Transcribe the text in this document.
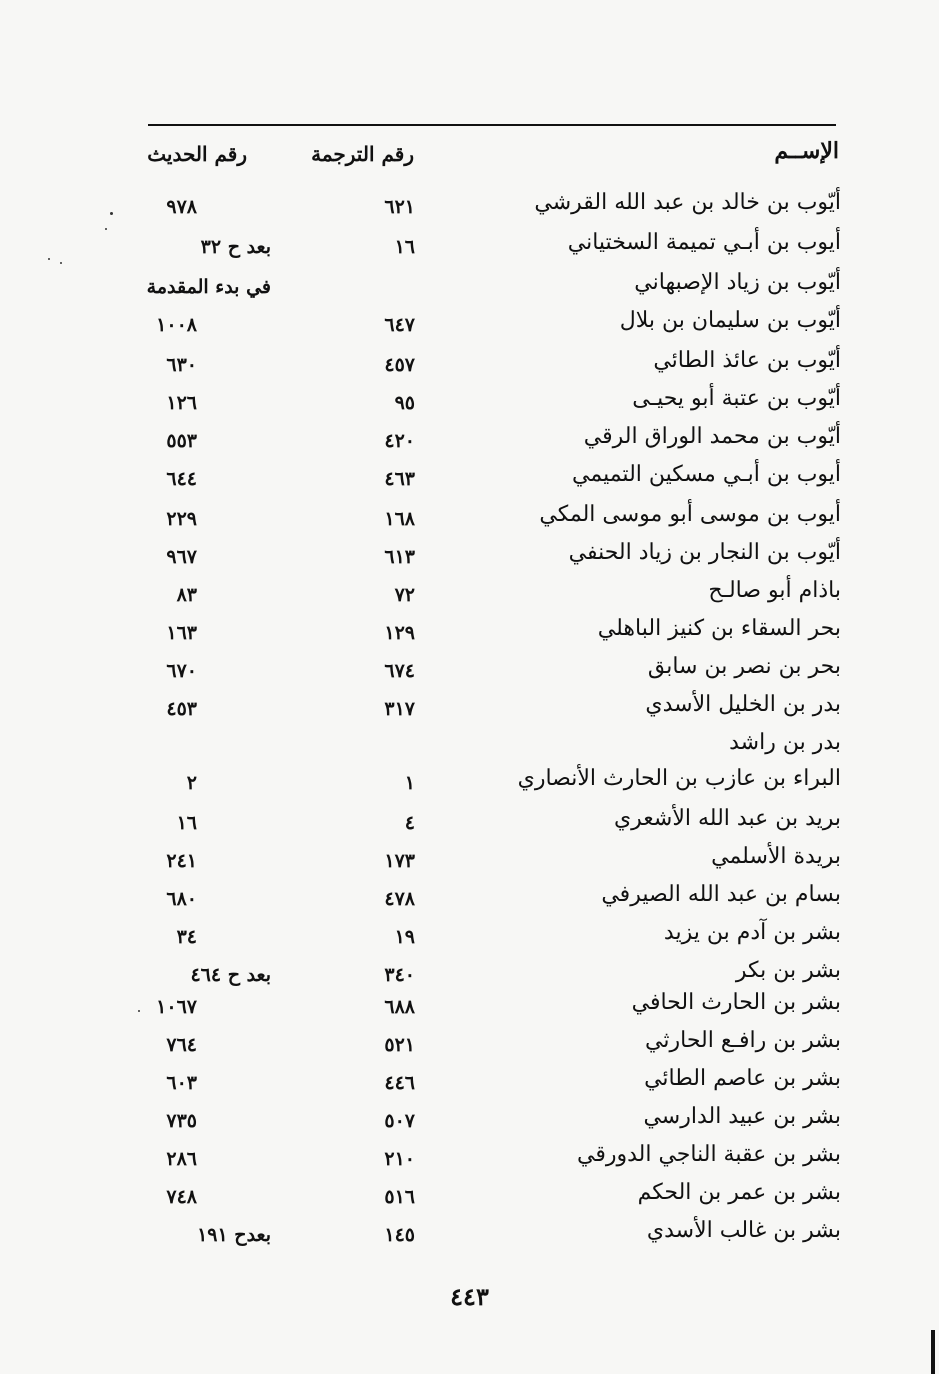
الإســم
رقم الترجمة
رقم الحديث
أيّوب بن خالد بن عبد الله القرشي
٦٢١
٩٧٨
أيوب بن أبـي تميمة السختياني
١٦
بعد ح ٣٢
أيّوب بن زياد الإصبهاني
في بدء المقدمة
أيّوب بن سليمان بن بلال
٦٤٧
١٠٠٨
أيّوب بن عائذ الطائي
٤٥٧
٦٣٠
أيّوب بن عتبة أبو يحيـى
٩٥
١٢٦
أيّوب بن محمد الوراق الرقي
٤٢٠
٥٥٣
أيوب بن أبـي مسكين التميمي
٤٦٣
٦٤٤
أيوب بن موسى أبو موسى المكي
١٦٨
٢٢٩
أيّوب بن النجار بن زياد الحنفي
٦١٣
٩٦٧
باذام أبو صالـح
٧٢
٨٣
بحر السقاء بن كنيز الباهلي
١٢٩
١٦٣
بحر بن نصر بن سابق
٦٧٤
٦٧٠
بدر بن الخليل الأسدي
٣١٧
٤٥٣
بدر بن راشد
البراء بن عازب بن الحارث الأنصاري
١
٢
بريد بن عبد الله الأشعري
٤
١٦
بريدة الأسلمي
١٧٣
٢٤١
بسام بن عبد الله الصيرفي
٤٧٨
٦٨٠
بشر بن آدم بن يزيد
١٩
٣٤
بشر بن بكر
٣٤٠
بعد ح ٤٦٤
بشر بن الحارث الحافي
٦٨٨
١٠٦٧
بشر بن رافـع الحارثي
٥٢١
٧٦٤
بشر بن عاصم الطائي
٤٤٦
٦٠٣
بشر بن عبيد الدارسي
٥٠٧
٧٣٥
بشر بن عقبة الناجي الدورقي
٢١٠
٢٨٦
بشر بن عمر بن الحكم
٥١٦
٧٤٨
بشر بن غالب الأسدي
١٤٥
بعدح ١٩١
٤٤٣
